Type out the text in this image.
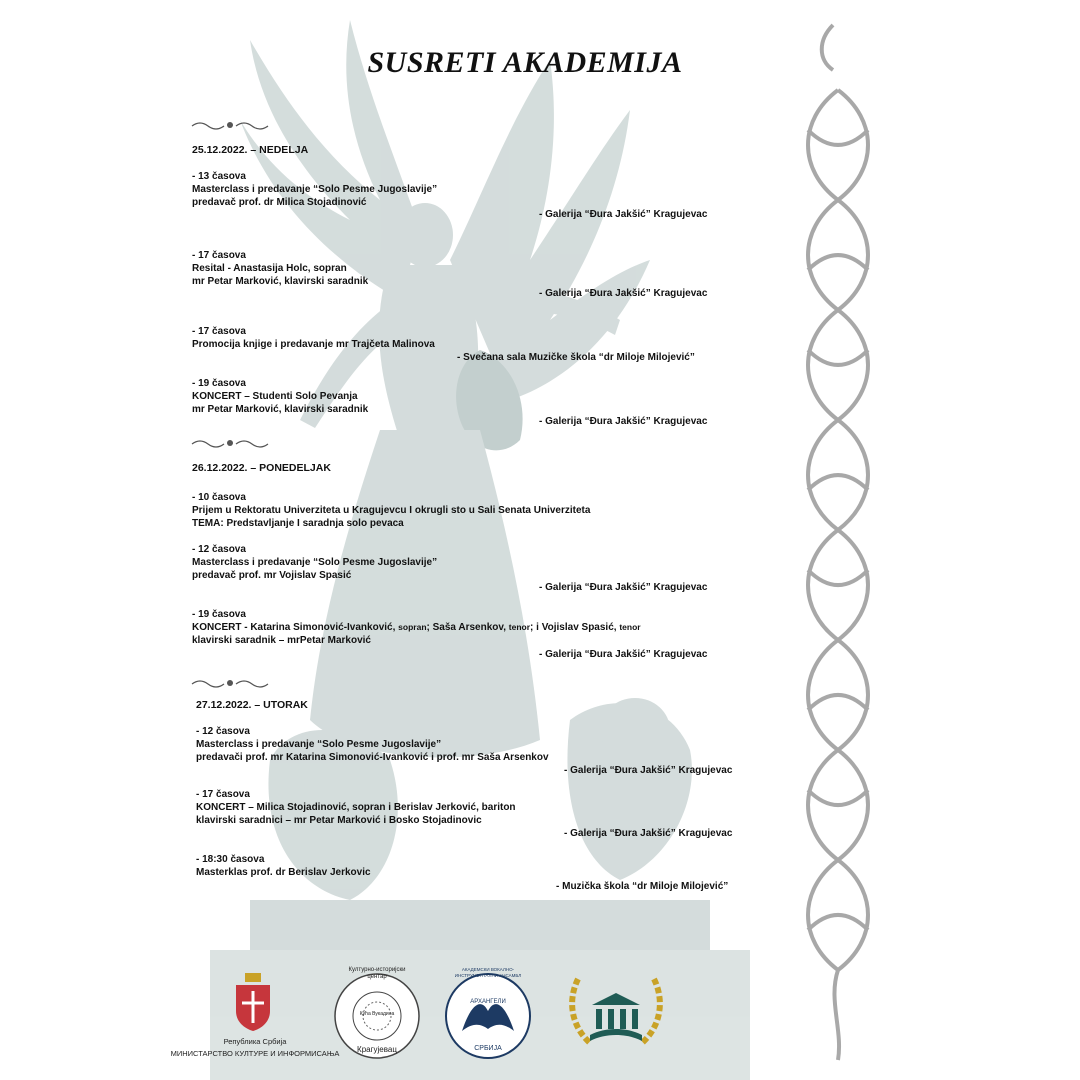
SUSRETI AKADEMIJA
25.12.2022. – NEDELJA
- 13 časova
Masterclass i predavanje “Solo Pesme Jugoslavije”
predavač prof. dr Milica Stojadinović
- Galerija “Đura Jakšić” Kragujevac
- 17 časova
Resital - Anastasija Holc, sopran
mr Petar Marković, klavirski saradnik
- Galerija “Đura Jakšić” Kragujevac
- 17 časova
Promocija knjige i predavanje mr Trajčeta Malinova
- Svečana sala Muzičke škola “dr Miloje Milojević”
- 19 časova
KONCERT – Studenti Solo Pevanja
mr Petar Marković, klavirski saradnik
- Galerija “Đura Jakšić” Kragujevac
26.12.2022. – PONEDELJAK
- 10 časova
Prijem u Rektoratu Univerziteta u Kragujevcu I okrugli sto u Sali Senata Univerziteta
TEMA: Predstavljanje I saradnja solo pevaca
- 12 časova
Masterclass i predavanje “Solo Pesme Jugoslavije”
predavač prof. mr Vojislav Spasić
- Galerija “Đura Jakšić” Kragujevac
- 19 časova
KONCERT - Katarina Simonović-Ivanković, sopran; Saša Arsenkov, tenor; i Vojislav Spasić, tenor
klavirski saradnik – mrPetar Marković
- Galerija “Đura Jakšić” Kragujevac
27.12.2022. – UTORAK
- 12 časova
Masterclass i predavanje “Solo Pesme Jugoslavije”
predavači prof. mr Katarina Simonović-Ivanković i prof. mr Saša Arsenkov
- Galerija “Đura Jakšić” Kragujevac
- 17 časova
KONCERT – Milica Stojadinović, sopran i Berislav Jerković, bariton
klavirski saradnici – mr Petar Marković i Bosko Stojadinovic
- Galerija “Đura Jakšić” Kragujevac
- 18:30 časova
Masterklas prof. dr Berislav Jerkovic
- Muzička škola “dr Miloje Milojević”
Република Србија
МИНИСТАРСТВО КУЛТУРЕ И ИНФОРМИСАЊА
Културно-историјски центар
Кућа Вукадина
Крагујевац
АКАДЕМСКИ ВОКАЛНО-ИНСТРУМЕНТАЛНИ АНСАМБЛ
АРХАНГЕЛИ
СРБИЈА
